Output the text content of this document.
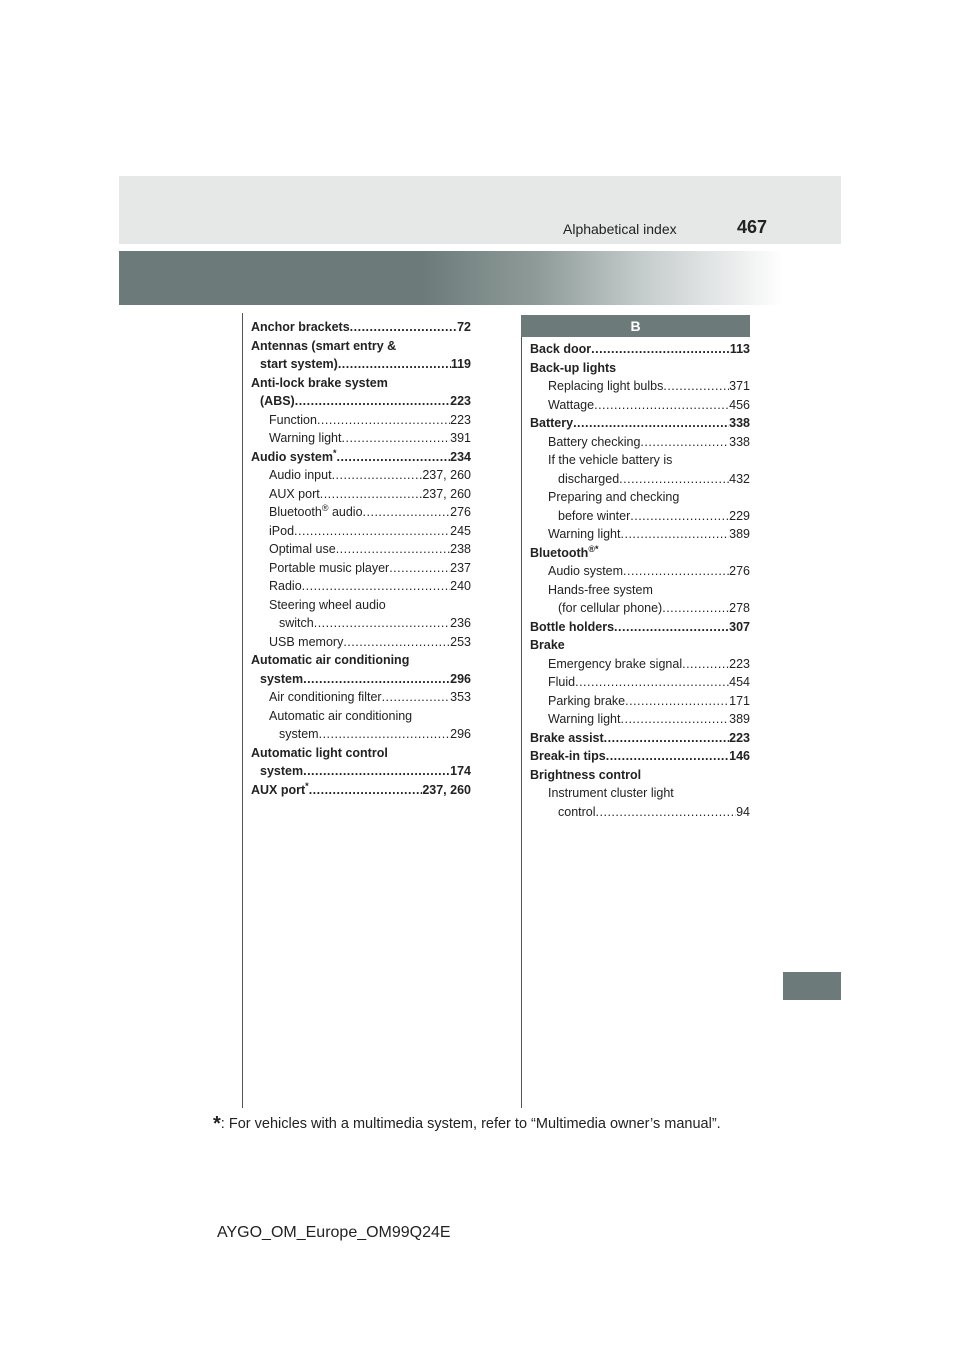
Alphabetical index	467
Anchor brackets .....	72
Antennas (smart entry &
start system) .....	119
Anti-lock brake system
(ABS) .....	223
Function .....	223
Warning light .....	391
Audio system* .....	234
Audio input .....	237, 260
AUX port .....	237, 260
Bluetooth® audio .....	276
iPod .....	245
Optimal use .....	238
Portable music player .....	237
Radio .....	240
Steering wheel audio
switch .....	236
USB memory .....	253
Automatic air conditioning
system .....	296
Air conditioning filter .....	353
Automatic air conditioning
system .....	296
Automatic light control
system .....	174
AUX port* .....	237, 260
B
Back door .....	113
Back-up lights
Replacing light bulbs .....	371
Wattage .....	456
Battery .....	338
Battery checking .....	338
If the vehicle battery is
discharged .....	432
Preparing and checking
before winter .....	229
Warning light .....	389
Bluetooth®*
Audio system .....	276
Hands-free system
(for cellular phone) .....	278
Bottle holders .....	307
Brake
Emergency brake signal .....	223
Fluid .....	454
Parking brake .....	171
Warning light .....	389
Brake assist .....	223
Break-in tips .....	146
Brightness control
Instrument cluster light
control .....	94
*: For vehicles with a multimedia system, refer to “Multimedia owner’s manual”.
AYGO_OM_Europe_OM99Q24E
